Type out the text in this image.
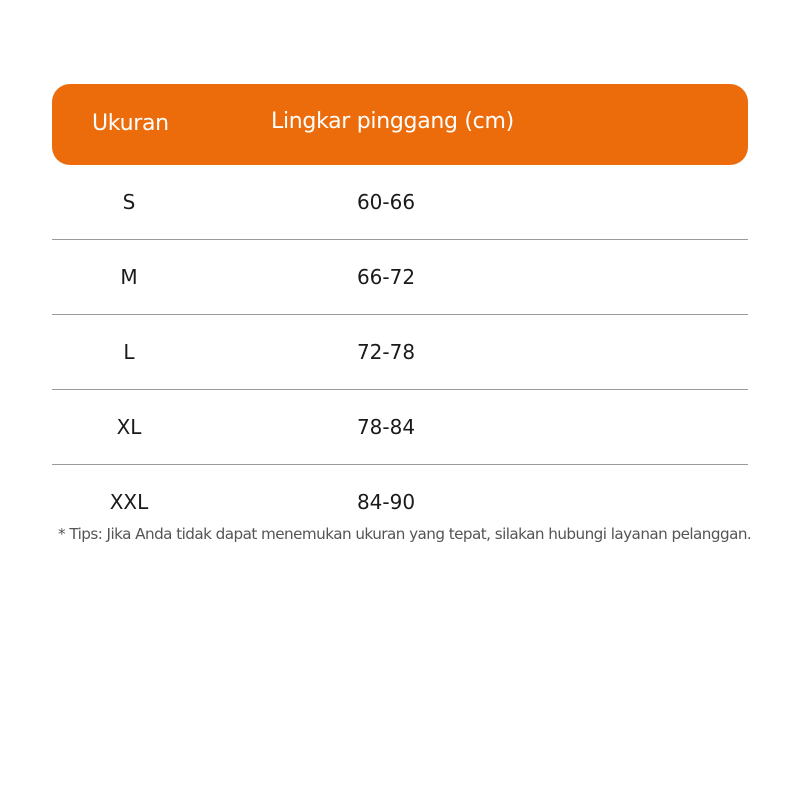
Ukuran	Lingkar pinggang (cm)
S	60-66
M	66-72
L	72-78
XL	78-84
XXL	84-90
* Tips: Jika Anda tidak dapat menemukan ukuran yang tepat, silakan hubungi layanan pelanggan.
